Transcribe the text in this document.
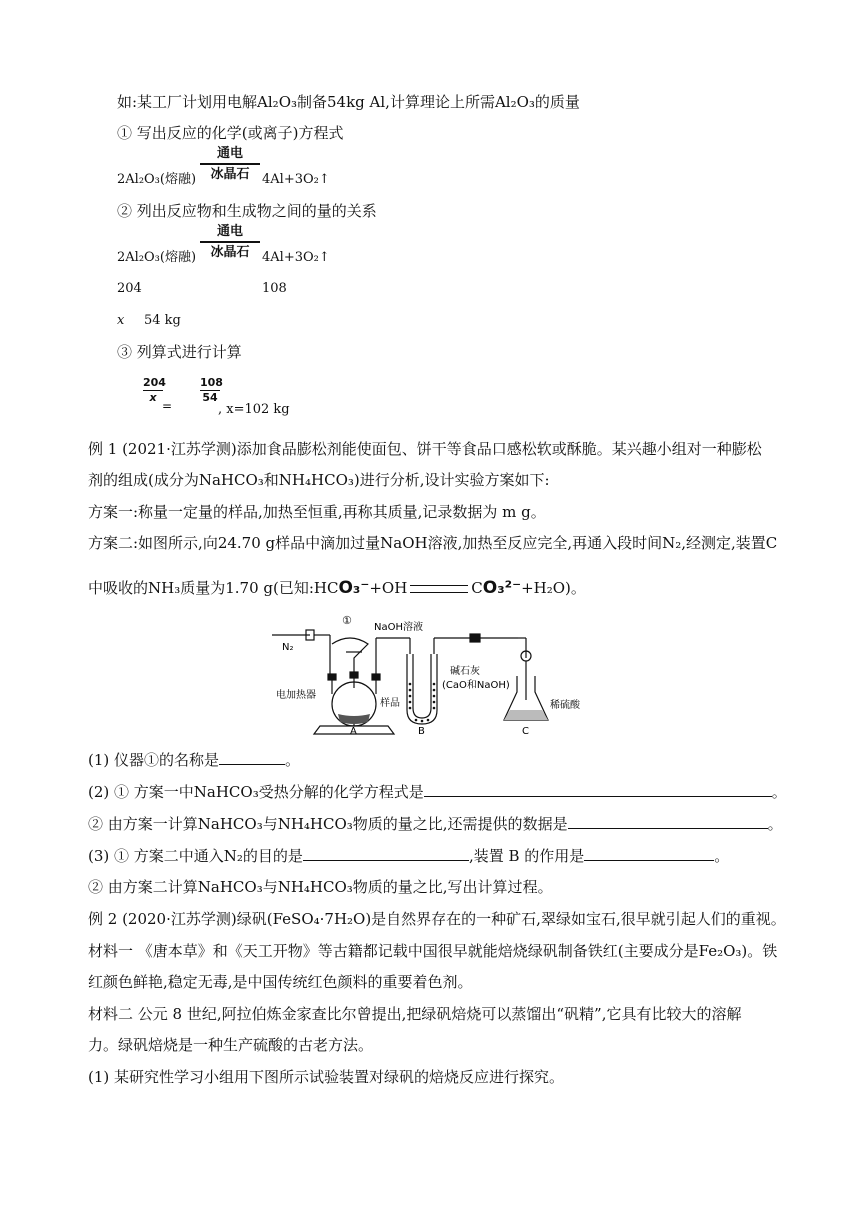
如:某工厂计划用电解Al₂O₃制备54kg Al,计算理论上所需Al₂O₃的质量
① 写出反应的化学(或离子)方程式
通电
冰晶石
2Al₂O₃(熔融)	4Al+3O₂↑
② 列出反应物和生成物之间的量的关系
通电
冰晶石
2Al₂O₃(熔融)	4Al+3O₂↑
204	108
x 54 kg
③ 列算式进行计算
$\frac{204}{x}$
=
$\frac{108}{54}$
, x=102 kg
例 1 (2021·江苏学测)添加食品膨松剂能使面包、饼干等食品口感松软或酥脆。某兴趣小组对一种膨松
剂的组成(成分为NaHCO₃和NH₄HCO₃)进行分析,设计实验方案如下:
方案一:称量一定量的样品,加热至恒重,再称其质量,记录数据为 m g。
方案二:如图所示,向24.70 g样品中滴加过量NaOH溶液,加热至反应完全,再通入段时间N₂,经测定,装置C
中吸收的NH₃质量为1.70 g(已知:HCO₃⁻+OH	CO₃²⁻+H₂O)。
①
NaOH溶液
N₂
碱石灰
(CaO和NaOH)
电加热器
样品	稀硫酸
A	B	C
(1) 仪器①的名称是	。
(2) ① 方案一中NaHCO₃受热分解的化学方程式是	。
② 由方案一计算NaHCO₃与NH₄HCO₃物质的量之比,还需提供的数据是	。
(3) ① 方案二中通入N₂的目的是	,装置 B 的作用是	。
② 由方案二计算NaHCO₃与NH₄HCO₃物质的量之比,写出计算过程。
例 2 (2020·江苏学测)绿矾(FeSO₄·7H₂O)是自然界存在的一种矿石,翠绿如宝石,很早就引起人们的重视。
材料一 《唐本草》和《天工开物》等古籍都记载中国很早就能焙烧绿矾制备铁红(主要成分是Fe₂O₃)。铁
红颜色鲜艳,稳定无毒,是中国传统红色颜料的重要着色剂。
材料二 公元 8 世纪,阿拉伯炼金家查比尔曾提出,把绿矾焙烧可以蒸馏出“矾精”,它具有比较大的溶解
力。绿矾焙烧是一种生产硫酸的古老方法。
(1) 某研究性学习小组用下图所示试验装置对绿矾的焙烧反应进行探究。
